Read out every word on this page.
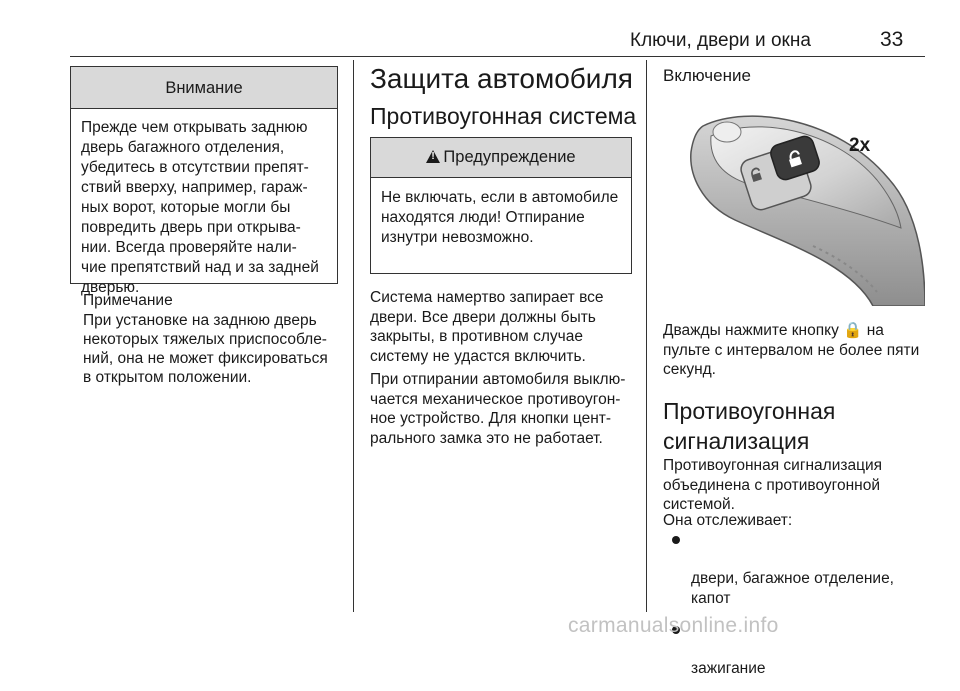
Ключи, двери и окна	33
Внимание
Прежде чем открывать заднюю
дверь багажного отделения,
убедитесь в отсутствии препят-
ствий вверху, например, гараж-
ных ворот, которые могли бы
повредить дверь при открыва-
нии. Всегда проверяйте нали-
чие препятствий над и за задней
дверью.
Примечание
При установке на заднюю дверь
некоторых тяжелых приспособле-
ний, она не может фиксироваться
в открытом положении.
Защита автомобиля
Противоугонная система
!Предупреждение
Не включать, если в автомобиле
находятся люди! Отпирание
изнутри невозможно.
Система намертво запирает все
двери. Все двери должны быть
закрыты, в противном случае
систему не удастся включить.
При отпирании автомобиля выклю-
чается механическое противоугон-
ное устройство. Для кнопки цент-
рального замка это не работает.
Включение
2x
Дважды нажмите кнопку 🔒 на
пульте с интервалом не более пяти
секунд.
Противоугонная
сигнализация
Противоугонная сигнализация
объединена с противоугонной
системой.
Она отслеживает:

двери, багажное отделение,
капот

зажигание

carmanualsonline.info
